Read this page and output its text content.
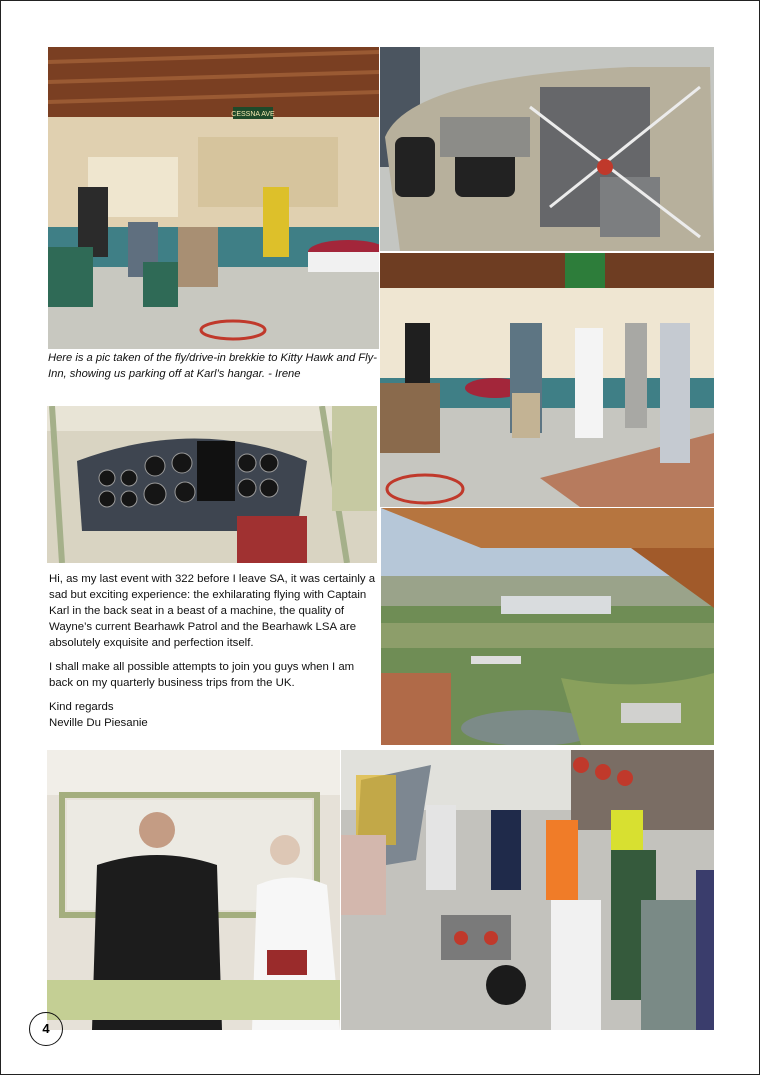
CESSNA AVE
Here is a pic taken of the fly/drive-in brekkie to Kitty Hawk and Fly-Inn, showing us parking off at Karl’s hangar. - Irene

Hi, as my last event with 322 before I leave SA, it was certainly a sad but exciting experience: the exhilarating flying with Captain Karl in the back seat in a beast of a machine, the quality of Wayne’s current Bearhawk Patrol and the Bearhawk LSA are absolutely exquisite and perfection itself.

I shall make all possible attempts to join you guys when I am back on my quarterly business trips from the UK.

Kind regards
Neville Du Piesanie
4
